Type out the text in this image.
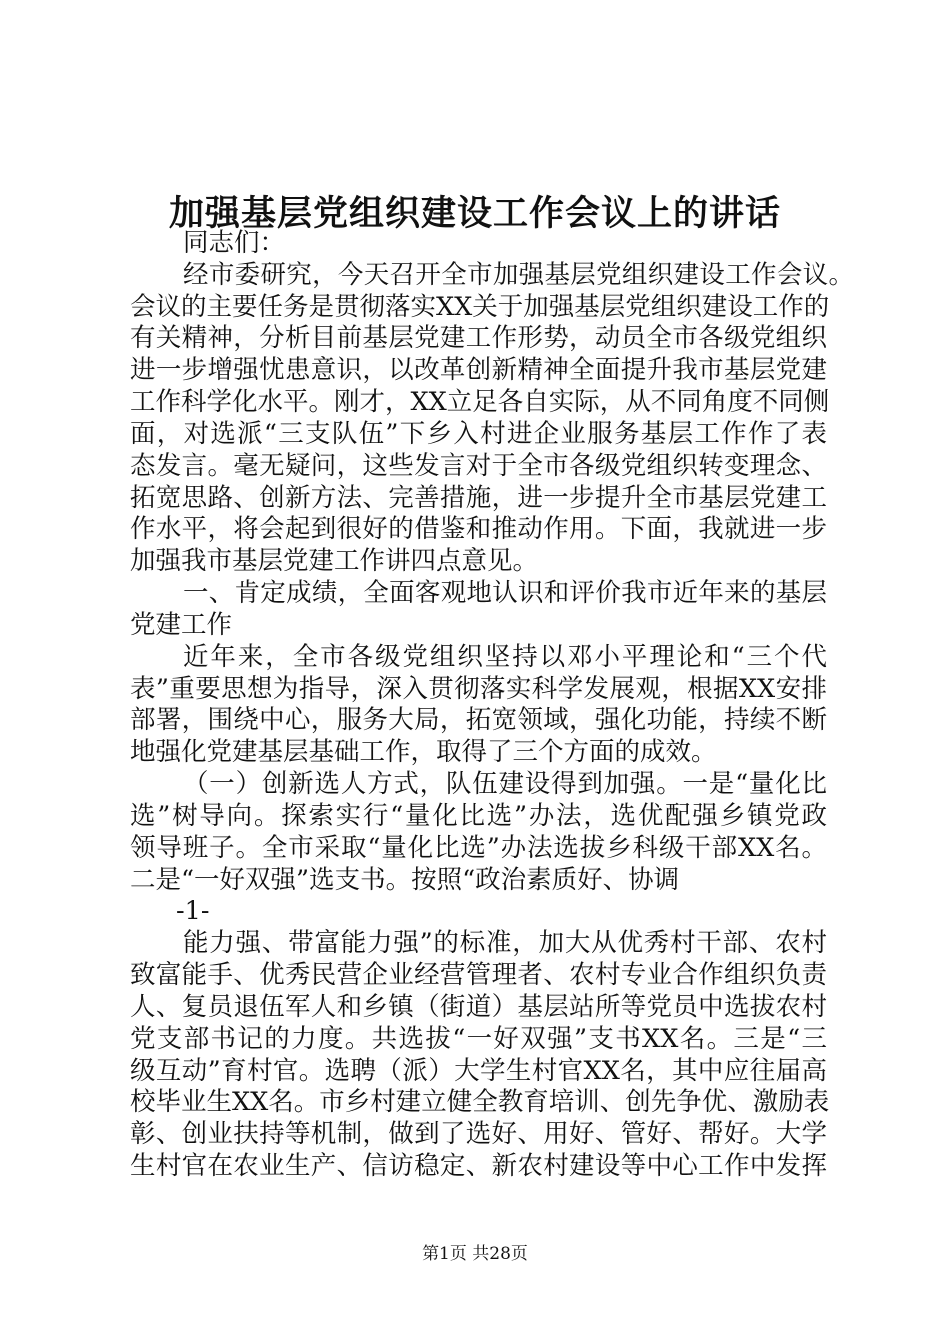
加强基层党组织建设工作会议上的讲话
同志们：
经市委研究，今天召开全市加强基层党组织建设工作会议。
会议的主要任务是贯彻落实XX关于加强基层党组织建设工作的
有关精神，分析目前基层党建工作形势，动员全市各级党组织
进一步增强忧患意识，以改革创新精神全面提升我市基层党建
工作科学化水平。刚才，XX立足各自实际，从不同角度不同侧
面，对选派“三支队伍”下乡入村进企业服务基层工作作了表
态发言。毫无疑问，这些发言对于全市各级党组织转变理念、
拓宽思路、创新方法、完善措施，进一步提升全市基层党建工
作水平，将会起到很好的借鉴和推动作用。下面，我就进一步
加强我市基层党建工作讲四点意见。
一、肯定成绩，全面客观地认识和评价我市近年来的基层
党建工作
近年来，全市各级党组织坚持以邓小平理论和“三个代
表”重要思想为指导，深入贯彻落实科学发展观，根据XX安排
部署，围绕中心，服务大局，拓宽领域，强化功能，持续不断
地强化党建基层基础工作，取得了三个方面的成效。
（一）创新选人方式，队伍建设得到加强。一是“量化比
选”树导向。探索实行“量化比选”办法，选优配强乡镇党政
领导班子。全市采取“量化比选”办法选拔乡科级干部XX名。
二是“一好双强”选支书。按照“政治素质好、协调
-1-
能力强、带富能力强”的标准，加大从优秀村干部、农村
致富能手、优秀民营企业经营管理者、农村专业合作组织负责
人、复员退伍军人和乡镇（街道）基层站所等党员中选拔农村
党支部书记的力度。共选拔“一好双强”支书XX名。三是“三
级互动”育村官。选聘（派）大学生村官XX名，其中应往届高
校毕业生XX名。市乡村建立健全教育培训、创先争优、激励表
彰、创业扶持等机制，做到了选好、用好、管好、帮好。大学
生村官在农业生产、信访稳定、新农村建设等中心工作中发挥
第1页 共28页
